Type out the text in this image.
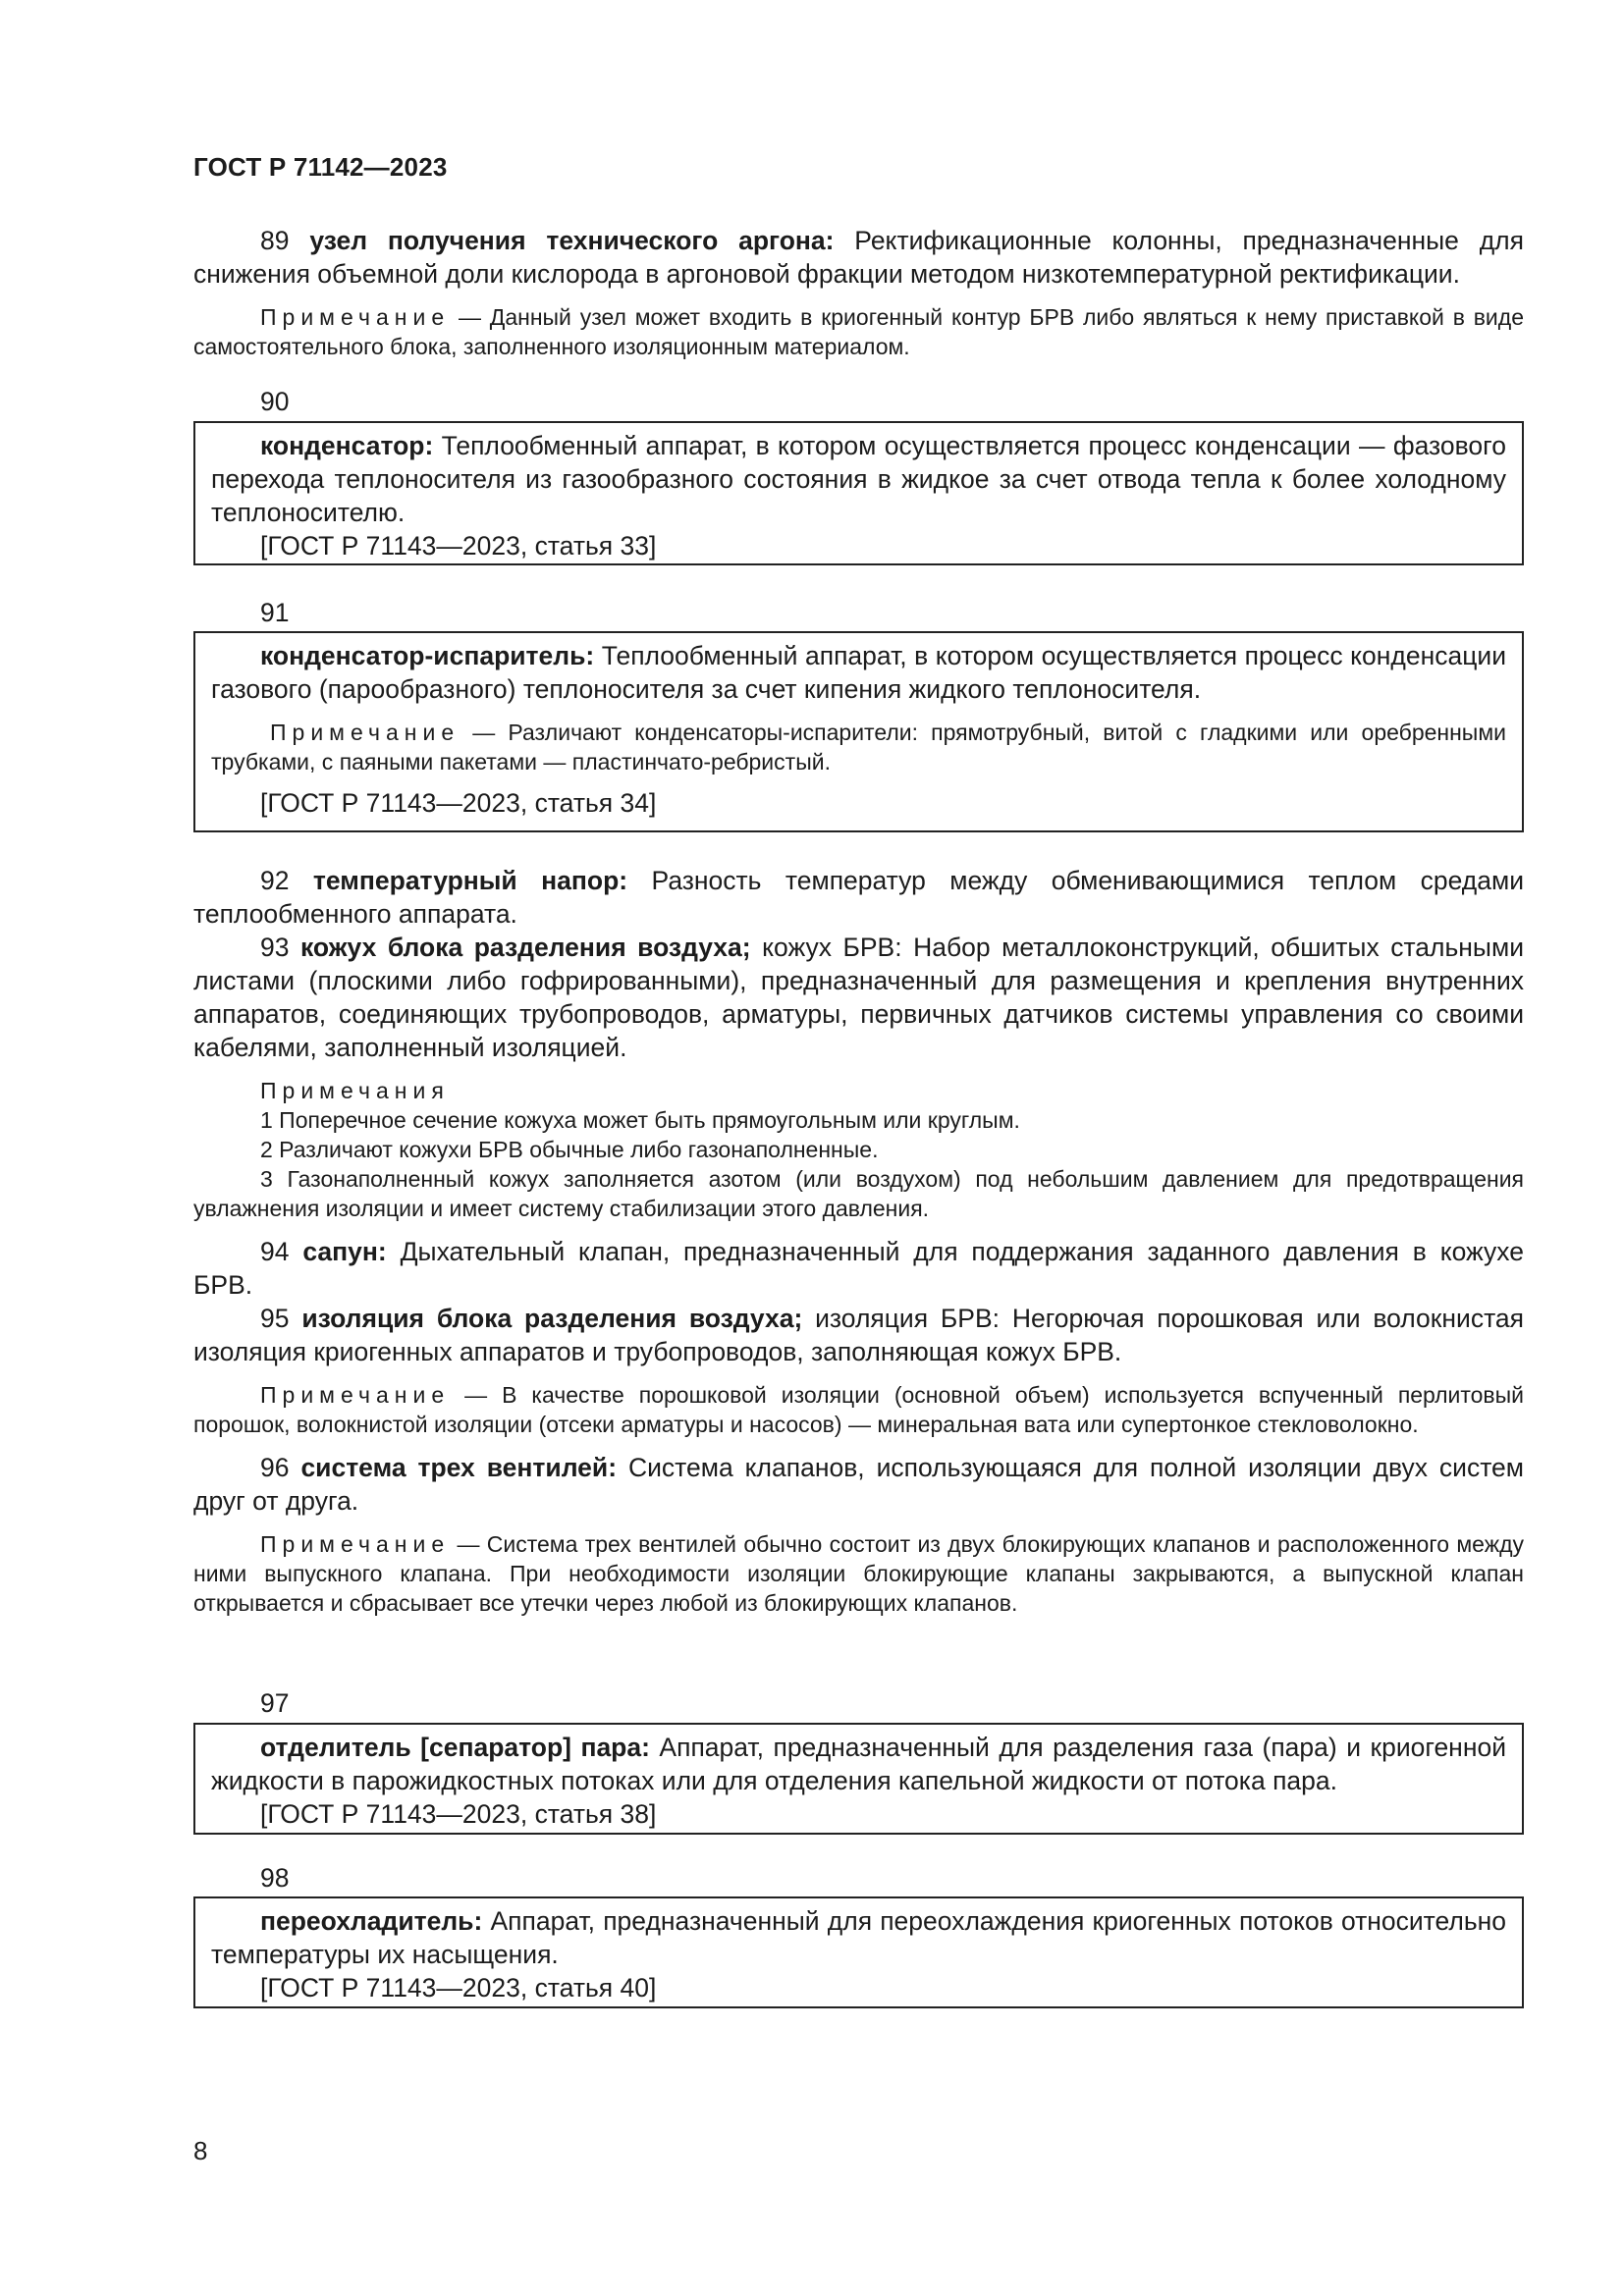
ГОСТ Р 71142—2023

89 узел получения технического аргона: Ректификационные колонны, предназначенные для снижения объемной доли кислорода в аргоновой фракции методом низкотемпературной ректификации.

Примечание — Данный узел может входить в криогенный контур БРВ либо являться к нему приставкой в виде самостоятельного блока, заполненного изоляционным материалом.

90

конденсатор: Теплообменный аппарат, в котором осуществляется процесс конденсации — фазового перехода теплоносителя из газообразного состояния в жидкое за счет отвода тепла к более холодному теплоносителю.

[ГОСТ Р 71143—2023, статья 33]

91

конденсатор-испаритель: Теплообменный аппарат, в котором осуществляется процесс конденсации газового (парообразного) теплоносителя за счет кипения жидкого теплоносителя.

Примечание — Различают конденсаторы-испарители: прямотрубный, витой с гладкими или оребренными трубками, с паяными пакетами — пластинчато-ребристый.

[ГОСТ Р 71143—2023, статья 34]

92 температурный напор: Разность температур между обменивающимися теплом средами теплообменного аппарата.

93 кожух блока разделения воздуха; кожух БРВ: Набор металлоконструкций, обшитых стальными листами (плоскими либо гофрированными), предназначенный для размещения и крепления внутренних аппаратов, соединяющих трубопроводов, арматуры, первичных датчиков системы управления со своими кабелями, заполненный изоляцией.

Примечания

1 Поперечное сечение кожуха может быть прямоугольным или круглым.

2 Различают кожухи БРВ обычные либо газонаполненные.

3 Газонаполненный кожух заполняется азотом (или воздухом) под небольшим давлением для предотвращения увлажнения изоляции и имеет систему стабилизации этого давления.

94 сапун: Дыхательный клапан, предназначенный для поддержания заданного давления в кожухе БРВ.

95 изоляция блока разделения воздуха; изоляция БРВ: Негорючая порошковая или волокнистая изоляция криогенных аппаратов и трубопроводов, заполняющая кожух БРВ.

Примечание — В качестве порошковой изоляции (основной объем) используется вспученный перлитовый порошок, волокнистой изоляции (отсеки арматуры и насосов) — минеральная вата или супертонкое стекловолокно.

96 система трех вентилей: Система клапанов, использующаяся для полной изоляции двух систем друг от друга.

Примечание — Система трех вентилей обычно состоит из двух блокирующих клапанов и расположенного между ними выпускного клапана. При необходимости изоляции блокирующие клапаны закрываются, а выпускной клапан открывается и сбрасывает все утечки через любой из блокирующих клапанов.

97

отделитель [сепаратор] пара: Аппарат, предназначенный для разделения газа (пара) и криогенной жидкости в парожидкостных потоках или для отделения капельной жидкости от потока пара.

[ГОСТ Р 71143—2023, статья 38]

98

переохладитель: Аппарат, предназначенный для переохлаждения криогенных потоков относительно температуры их насыщения.

[ГОСТ Р 71143—2023, статья 40]

8
